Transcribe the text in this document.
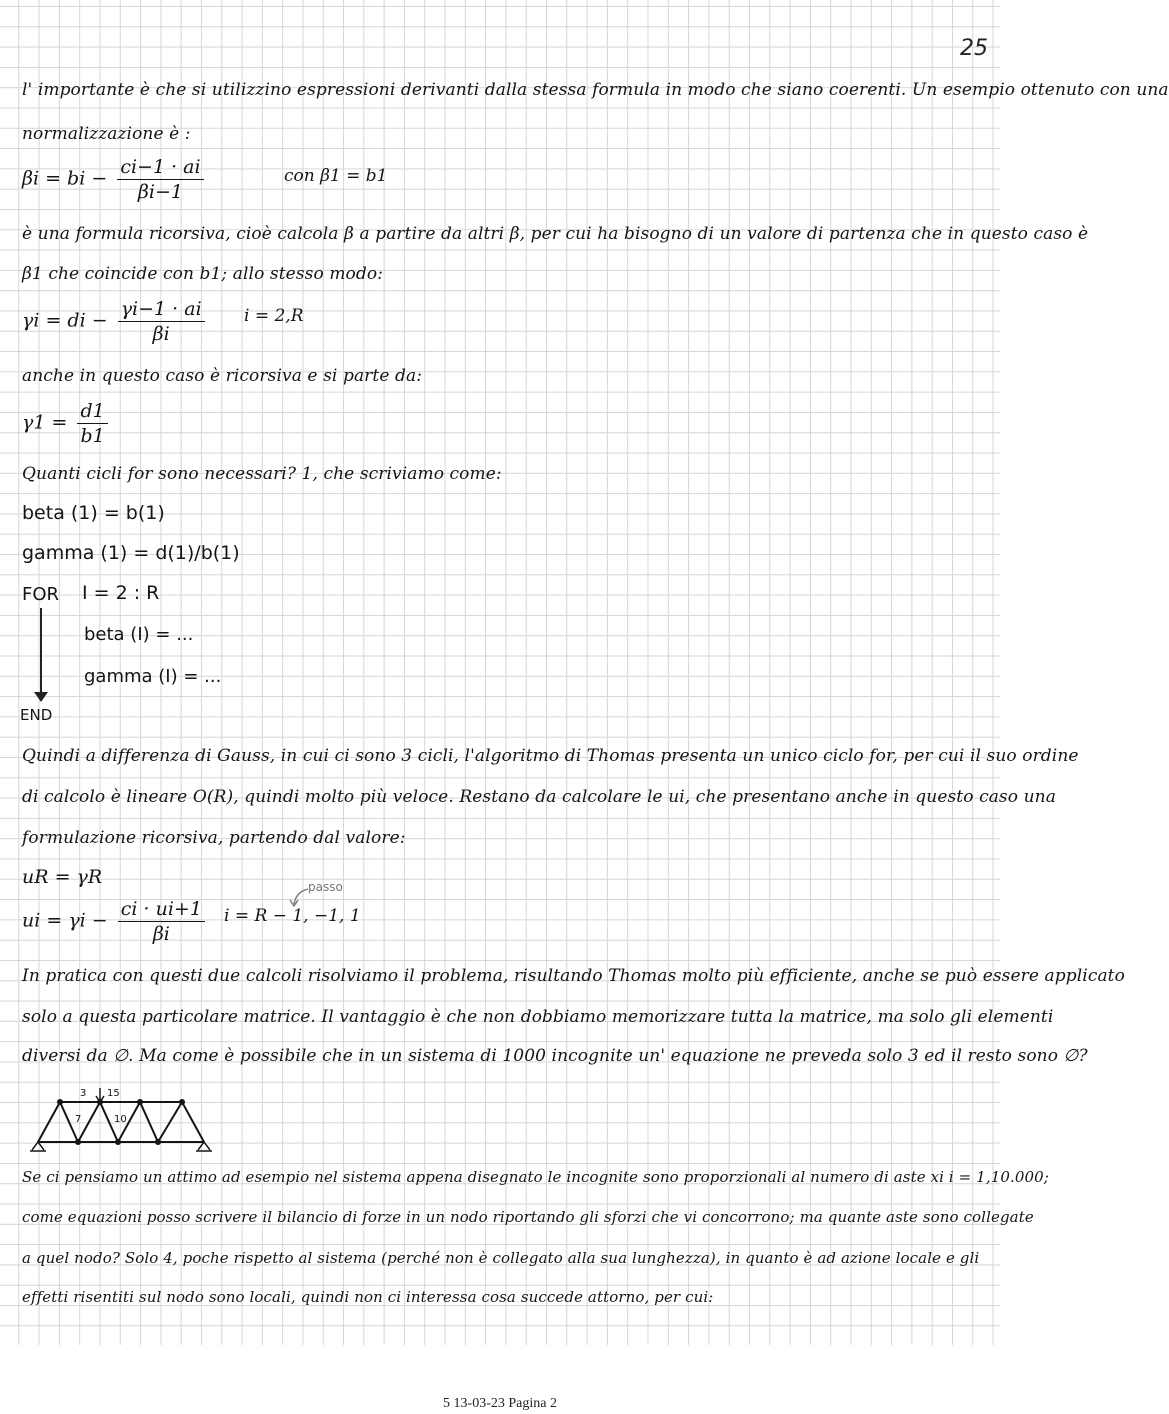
25
l' importante è che si utilizzino espressioni derivanti dalla stessa formula in modo che siano coerenti. Un esempio ottenuto con una
normalizzazione è :
βi = bi − $\frac{ci-1 \cdot ai}{\beta i-1}$	con β1 = b1
è una formula ricorsiva, cioè calcola β a partire da altri β, per cui ha bisogno di un valore di partenza che in questo caso è
β1 che coincide con b1; allo stesso modo:
γi = di − $\frac{\gamma i-1 \cdot ai}{\beta i}$ i = 2,R
anche in questo caso è ricorsiva e si parte da:
$\gamma 1 = \frac{d1}{b1}$
Quanti cicli for sono necessari? 1, che scriviamo come:
beta (1) = b(1)
gamma (1) = d(1)/b(1)
FOR I = 2 : R
beta (I) = ...
gamma (I) = ...
END
Quindi a differenza di Gauss, in cui ci sono 3 cicli, l'algoritmo di Thomas presenta un unico ciclo for, per cui il suo ordine
di calcolo è lineare O(R), quindi molto più veloce. Restano da calcolare le ui, che presentano anche in questo caso una
formulazione ricorsiva, partendo dal valore:
uR = γR	passo
ui = $\gamma i - \frac{ci \cdot ui+1}{\beta i}$ i = R − 1, −1, 1
In pratica con questi due calcoli risolviamo il problema, risultando Thomas molto più efficiente, anche se può essere applicato
solo a questa particolare matrice. Il vantaggio è che non dobbiamo memorizzare tutta la matrice, ma solo gli elementi
diversi da ∅. Ma come è possibile che in un sistema di 1000 incognite un' equazione ne preveda solo 3 ed il resto sono ∅?
3 15
7	10
Se ci pensiamo un attimo ad esempio nel sistema appena disegnato le incognite sono proporzionali al numero di aste xi i = 1,10.000;
come equazioni posso scrivere il bilancio di forze in un nodo riportando gli sforzi che vi concorrono; ma quante aste sono collegate
a quel nodo? Solo 4, poche rispetto al sistema (perché non è collegato alla sua lunghezza), in quanto è ad azione locale e gli
effetti risentiti sul nodo sono locali, quindi non ci interessa cosa succede attorno, per cui:
5 13-03-23 Pagina 2
